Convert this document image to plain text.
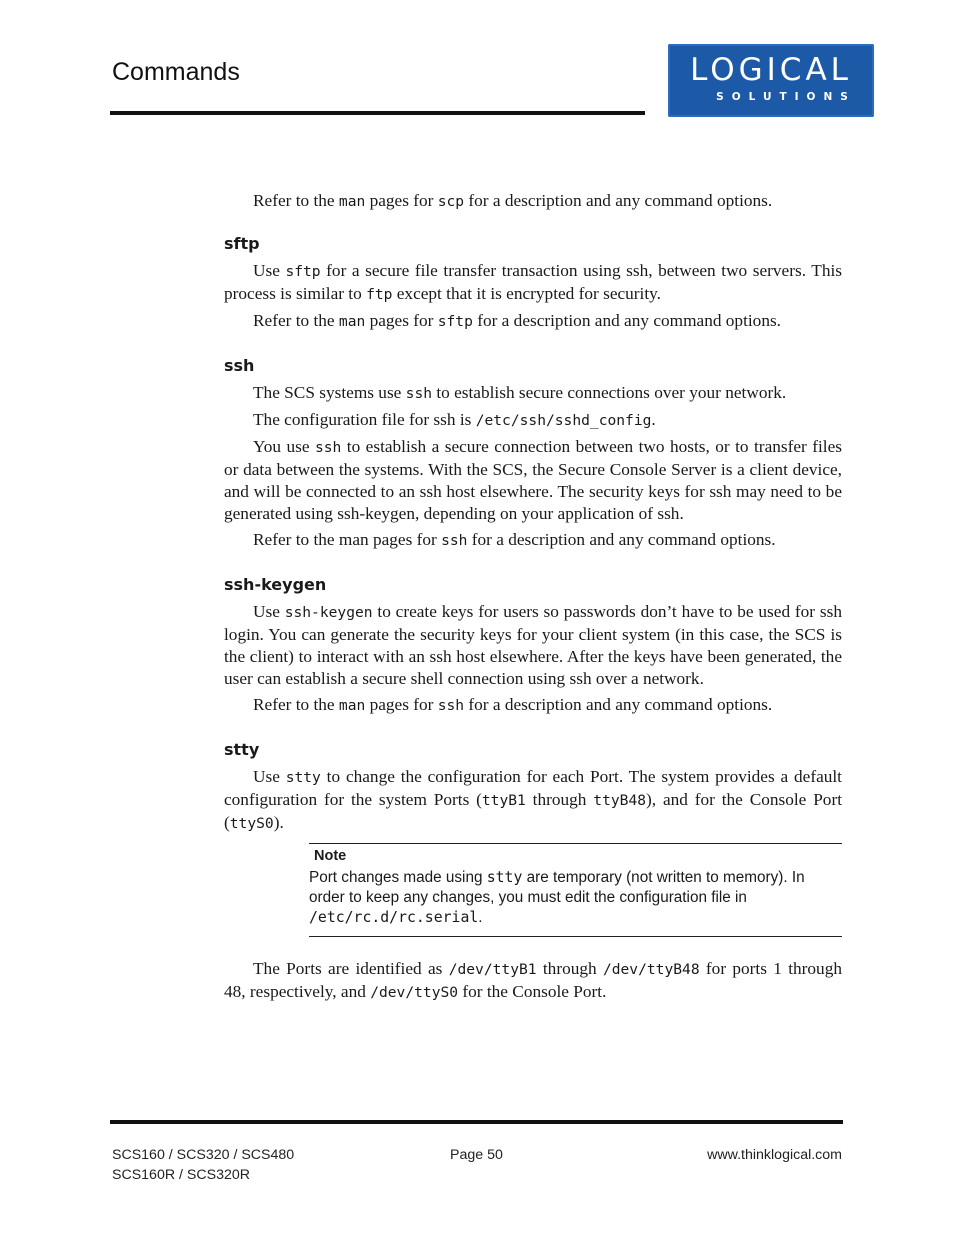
Commands	LOGICAL
SOLUTIONS

Refer to the man pages for scp for a description and any command options.

sftp

Use sftp for a secure file transfer transaction using ssh, between two servers. This process is similar to ftp except that it is encrypted for security.

Refer to the man pages for sftp for a description and any command options.

ssh

The SCS systems use ssh to establish secure connections over your network.

The configuration file for ssh is /etc/ssh/sshd_config.

You use ssh to establish a secure connection between two hosts, or to transfer files or data between the systems. With the SCS, the Secure Console Server is a client device, and will be connected to an ssh host elsewhere. The security keys for ssh may need to be generated using ssh-keygen, depending on your application of ssh.

Refer to the man pages for ssh for a description and any command options.

ssh-keygen

Use ssh-keygen to create keys for users so passwords don’t have to be used for ssh login. You can generate the security keys for your client system (in this case, the SCS is the client) to interact with an ssh host elsewhere. After the keys have been generated, the user can establish a secure shell connection using ssh over a network.

Refer to the man pages for ssh for a description and any command options.

stty

Use stty to change the configuration for each Port. The system provides a default configuration for the system Ports (ttyB1 through ttyB48), and for the Console Port (ttyS0).

Note
Port changes made using stty are temporary (not written to memory). In order to keep any changes, you must edit the configuration file in /etc/rc.d/rc.serial.

The Ports are identified as /dev/ttyB1 through /dev/ttyB48 for ports 1 through 48, respectively, and /dev/ttyS0 for the Console Port.

SCS160 / SCS320 / SCS480
SCS160R / SCS320R
Page 50	www.thinklogical.com
